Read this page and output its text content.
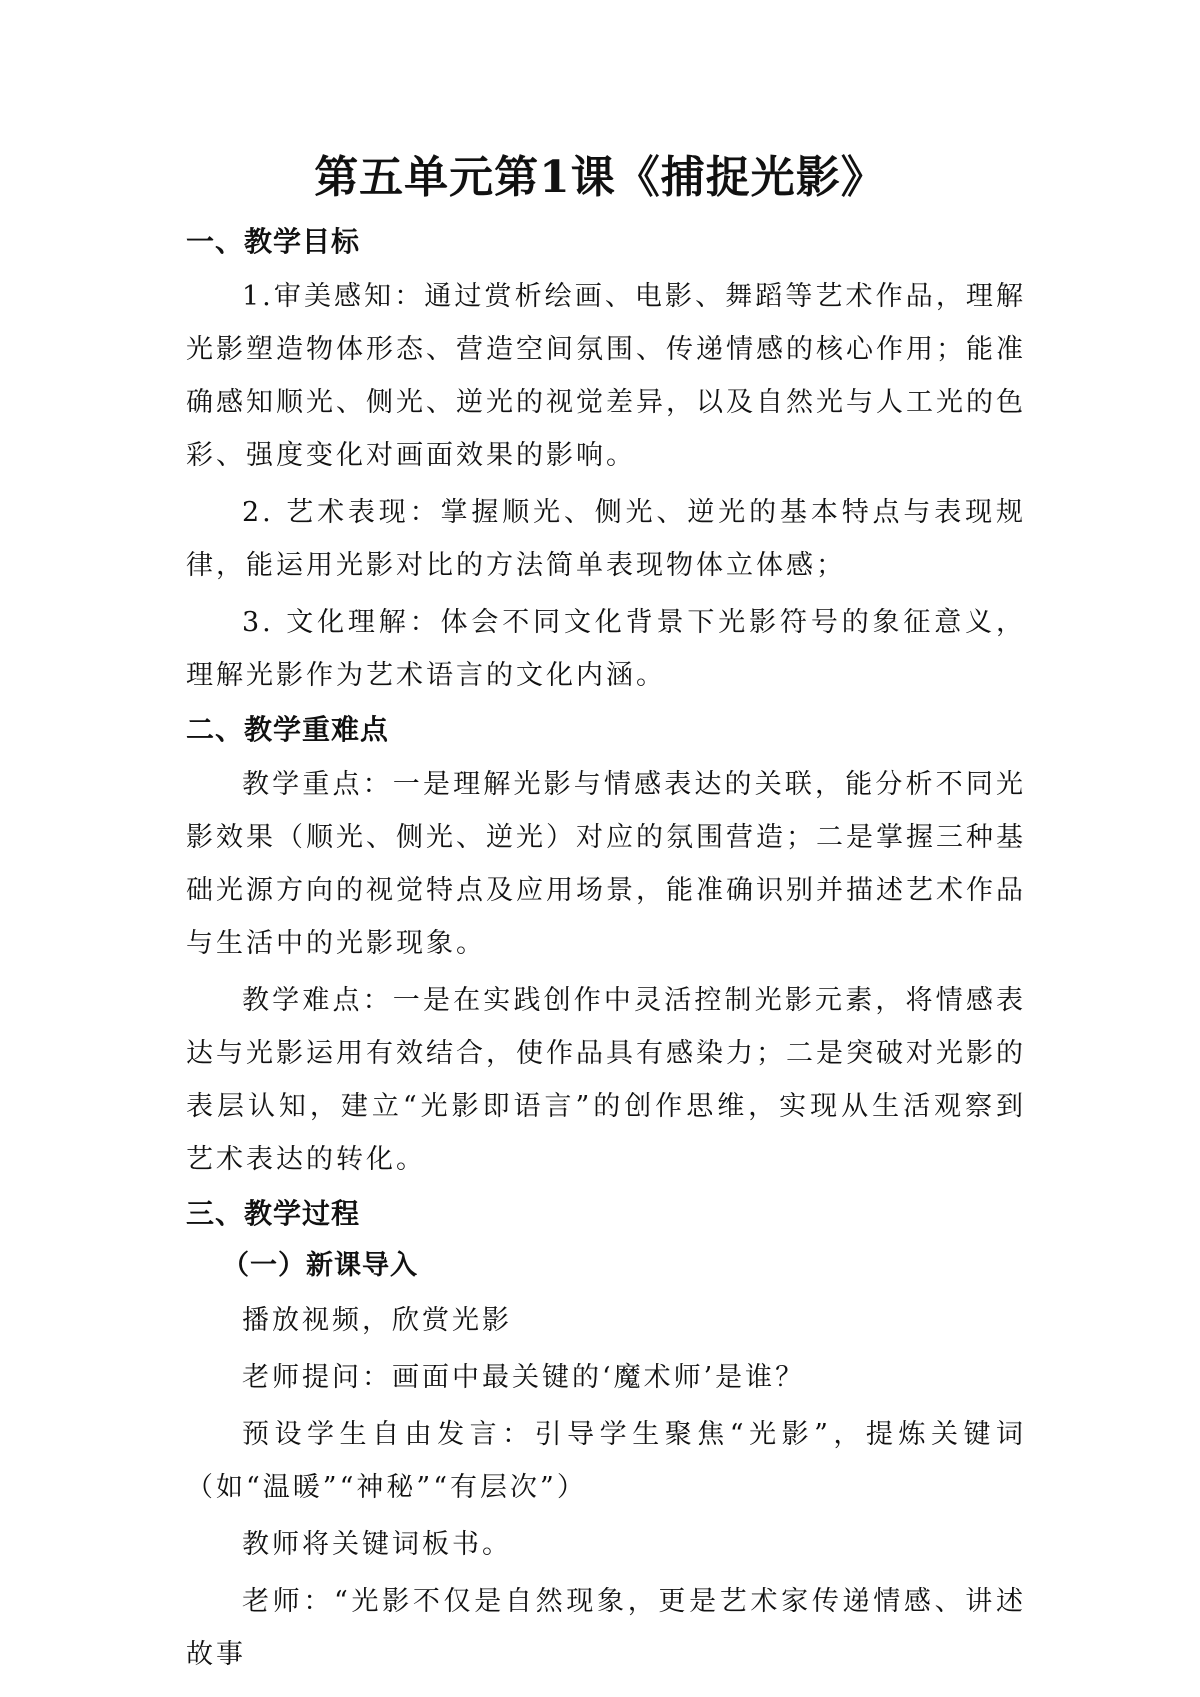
第五单元第1课《捕捉光影》
一、教学目标
1.审美感知：通过赏析绘画、电影、舞蹈等艺术作品，理解光影塑造物体形态、营造空间氛围、传递情感的核心作用；能准确感知顺光、侧光、逆光的视觉差异，以及自然光与人工光的色彩、强度变化对画面效果的影响。
2. 艺术表现：掌握顺光、侧光、逆光的基本特点与表现规律，能运用光影对比的方法简单表现物体立体感；
3. 文化理解：体会不同文化背景下光影符号的象征意义，理解光影作为艺术语言的文化内涵。
二、教学重难点
教学重点：一是理解光影与情感表达的关联，能分析不同光影效果（顺光、侧光、逆光）对应的氛围营造；二是掌握三种基础光源方向的视觉特点及应用场景，能准确识别并描述艺术作品与生活中的光影现象。
教学难点：一是在实践创作中灵活控制光影元素，将情感表达与光影运用有效结合，使作品具有感染力；二是突破对光影的表层认知，建立“光影即语言”的创作思维，实现从生活观察到艺术表达的转化。
三、教学过程
（一）新课导入
播放视频，欣赏光影
老师提问：画面中最关键的‘魔术师’是谁？
预设学生自由发言：引导学生聚焦“光影”，提炼关键词（如“温暖”“神秘”“有层次”）
教师将关键词板书。
老师：“光影不仅是自然现象，更是艺术家传递情感、讲述故事
